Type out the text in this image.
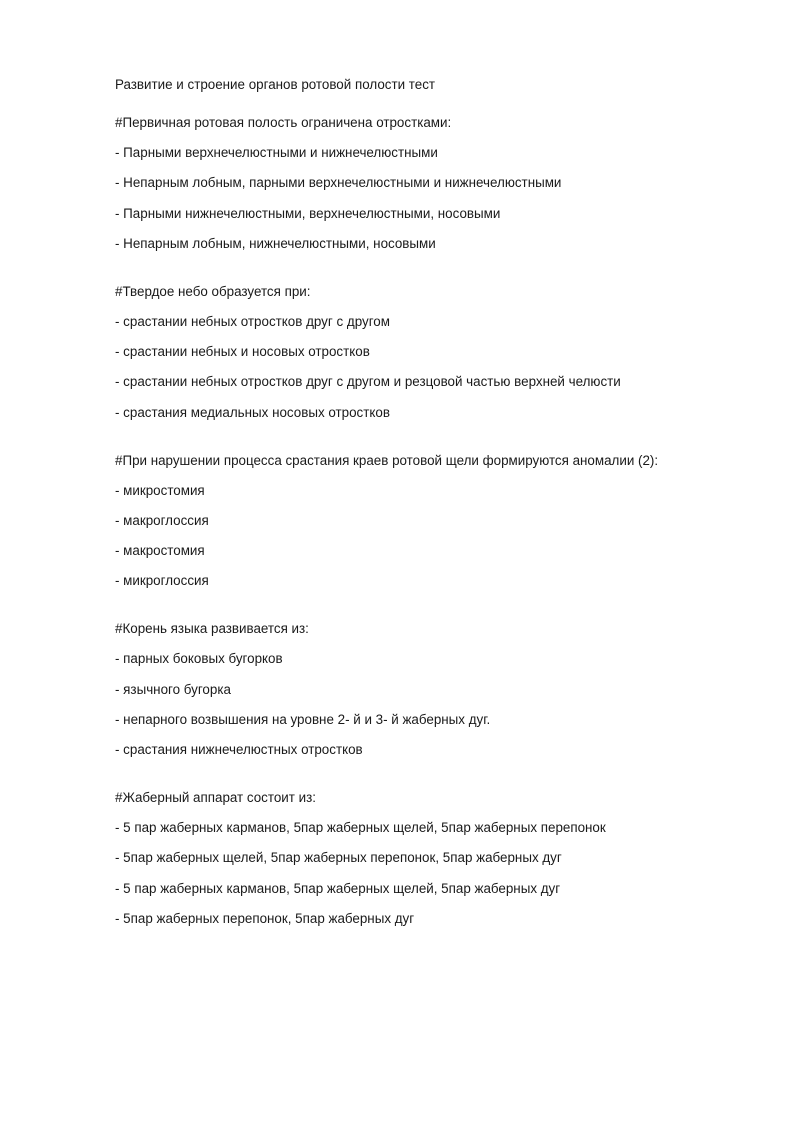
Развитие и строение органов ротовой полости тест
#Первичная ротовая полость ограничена отростками:
- Парными верхнечелюстными и нижнечелюстными
- Непарным лобным, парными верхнечелюстными и нижнечелюстными
- Парными нижнечелюстными, верхнечелюстными, носовыми
- Непарным лобным, нижнечелюстными, носовыми
#Твердое небо образуется при:
- срастании небных отростков друг с другом
- срастании небных и носовых отростков
- срастании небных отростков друг с другом и резцовой частью верхней челюсти
- срастания медиальных носовых отростков
#При нарушении процесса срастания краев ротовой щели формируются аномалии (2):
- микростомия
- макроглоссия
- макростомия
- микроглоссия
#Корень языка развивается из:
- парных боковых бугорков
- язычного бугорка
- непарного возвышения на уровне 2- й и 3- й жаберных дуг.
- срастания нижнечелюстных отростков
#Жаберный аппарат состоит из:
- 5 пар жаберных карманов, 5пар жаберных щелей, 5пар жаберных перепонок
- 5пар жаберных щелей, 5пар жаберных перепонок, 5пар жаберных дуг
- 5 пар жаберных карманов, 5пар жаберных щелей, 5пар жаберных дуг
- 5пар жаберных перепонок, 5пар жаберных дуг
